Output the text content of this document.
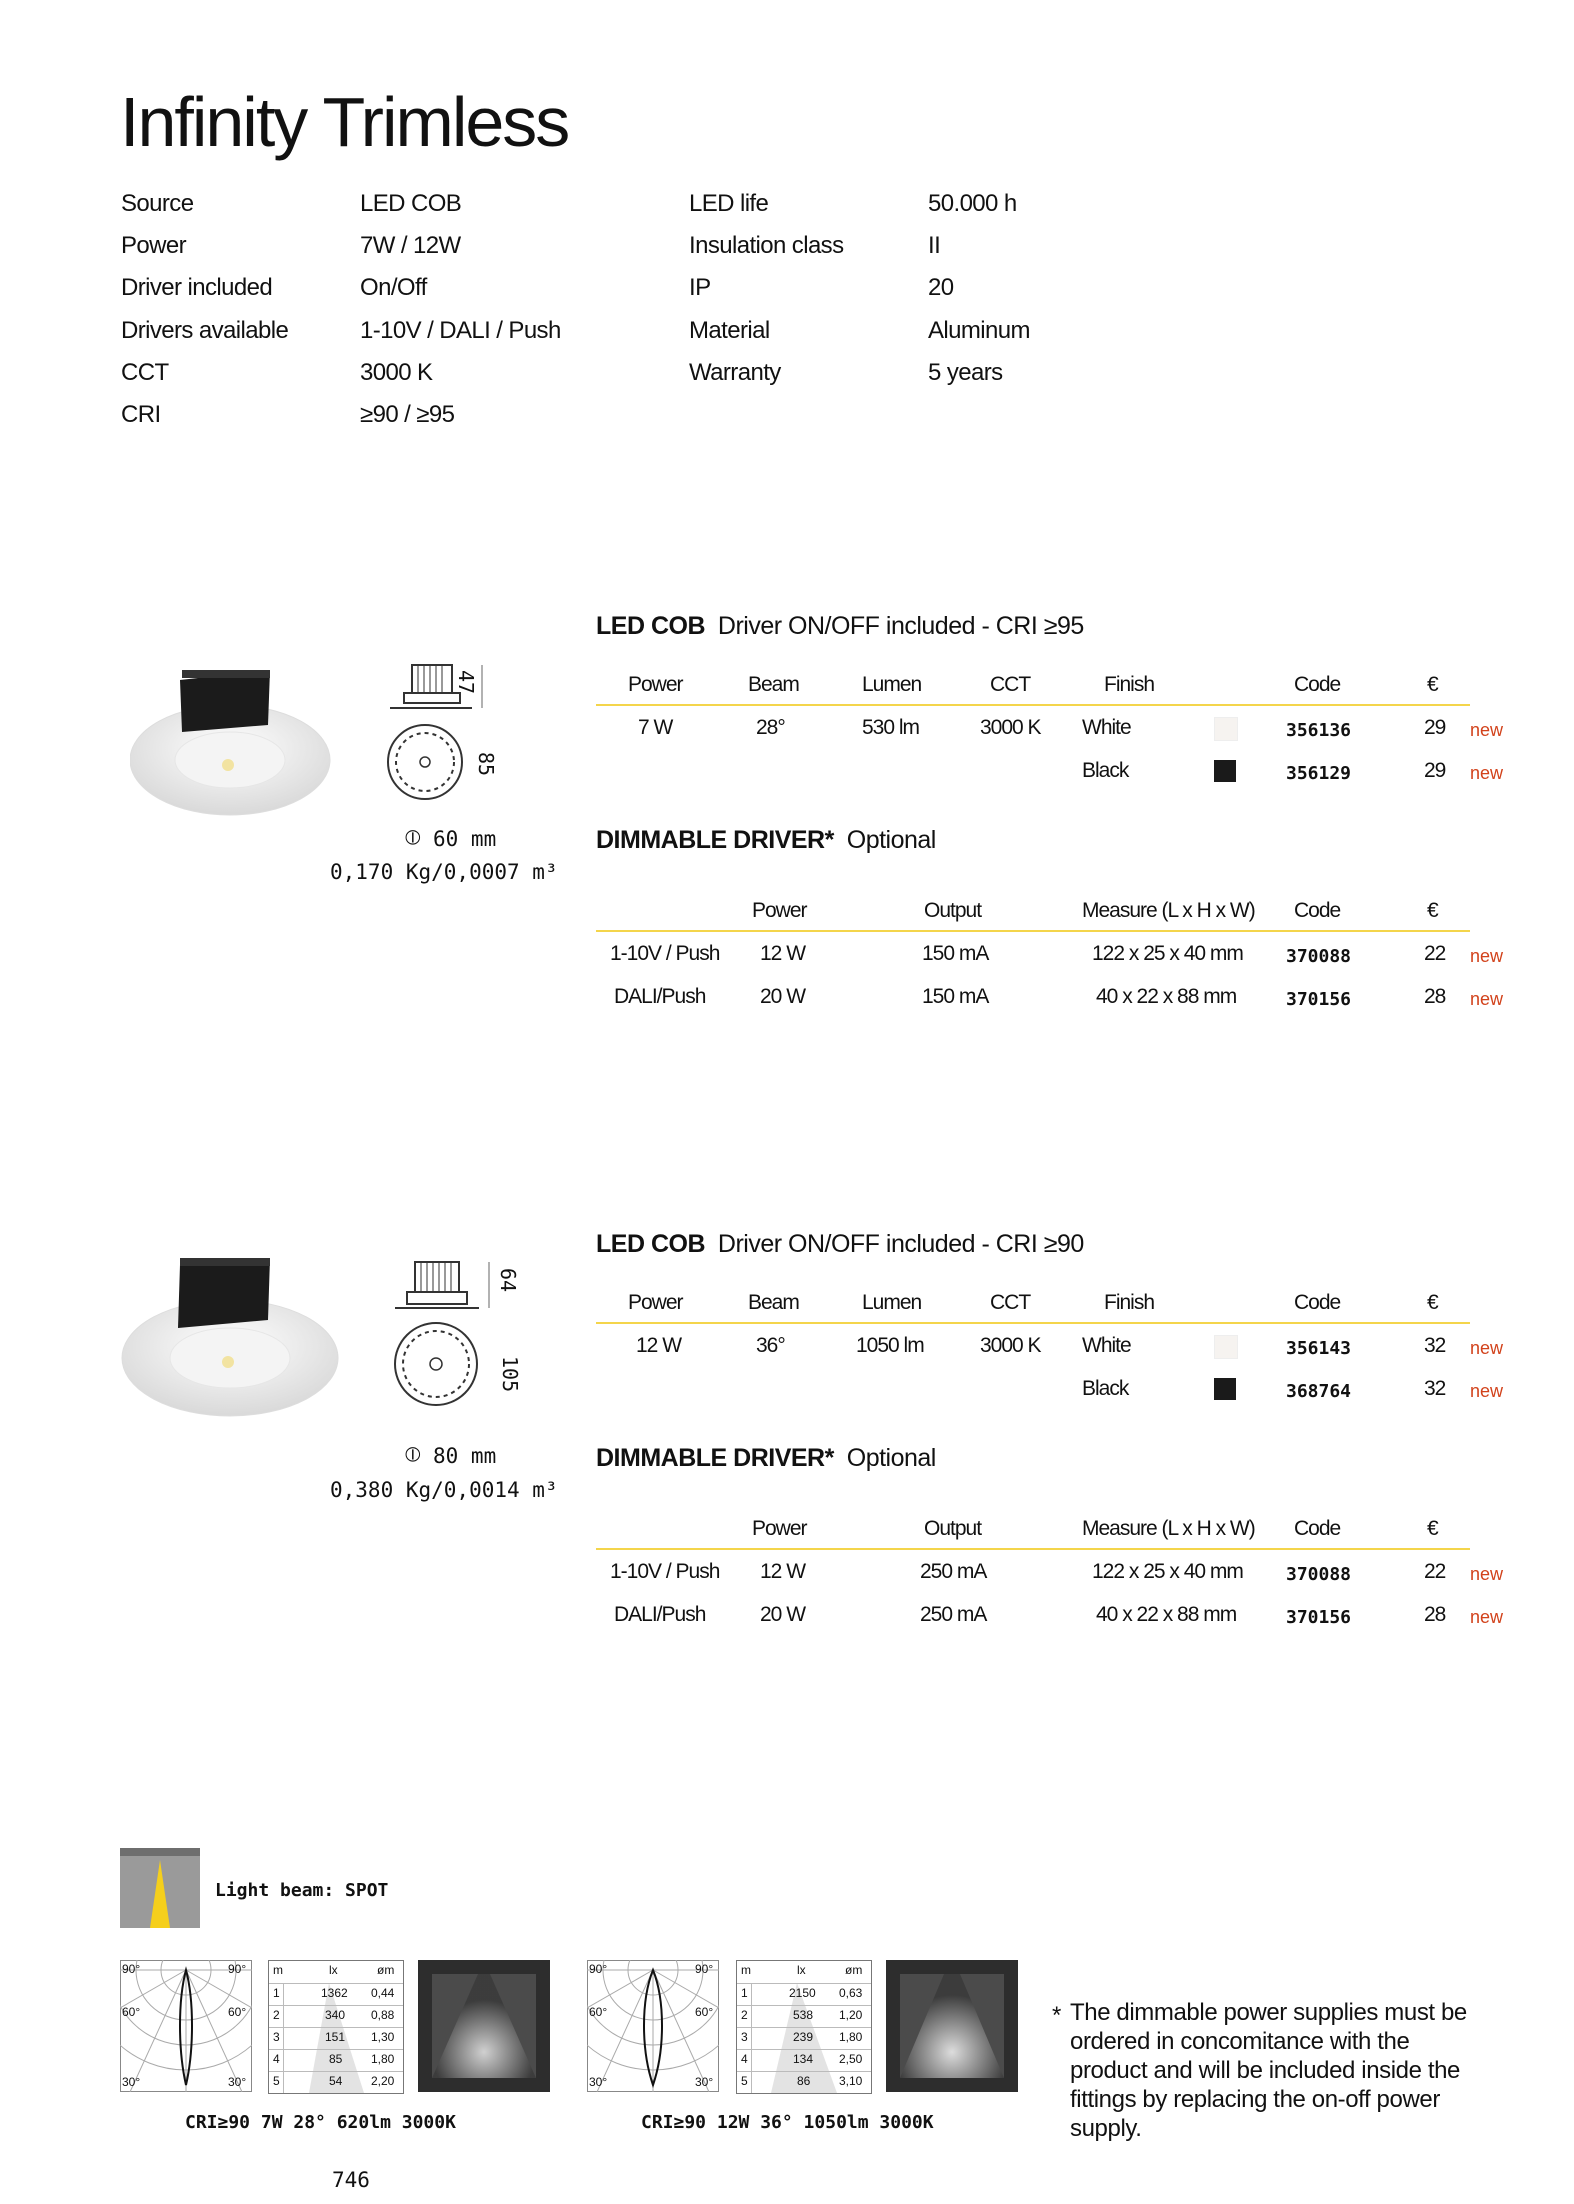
Infinity Trimless
Source	LED COB
Power	7W / 12W
Driver included	On/Off
Drivers available	1-10V / DALI / Push
CCT	3000 K
CRI	≥90 / ≥95
LED life	50.000 h
Insulation class	II
IP	20
Material	Aluminum
Warranty	5 years
47
85
⦶ 60 mm
0,170 Kg/0,0007 m³
LED COB Driver ON/OFF included - CRI ≥95
Power	Beam	Lumen	CCT	Finish	Code	€
7 W	28°	530 lm	3000 K White	356136	29 new
Black	356129	29 new
DIMMABLE DRIVER* Optional
Power	Output	Measure (L x H x W) Code	€
1-10V / Push 12 W	150 mA	122 x 25 x 40 mm 370088	22 new
DALI/Push	20 W	150 mA	40 x 22 x 88 mm	370156	28 new
64
105
⦶ 80 mm
0,380 Kg/0,0014 m³
LED COB Driver ON/OFF included - CRI ≥90
Power	Beam	Lumen	CCT	Finish	Code	€
12 W	36°	1050 lm	3000 K White	356143	32 new
Black	368764	32 new
DIMMABLE DRIVER* Optional
Power	Output	Measure (L x H x W) Code	€
1-10V / Push 12 W	250 mA	122 x 25 x 40 mm 370088	22 new
DALI/Push	20 W	250 mA	40 x 22 x 88 mm	370156	28 new
Light beam: SPOT
90°	90°
60°	60°
30°	30°
m	lx	øm
1	1362 0,44
2	340 0,88
3	151 1,30
4	85 1,80
5	54 2,20
CRI≥90 7W 28° 620lm 3000K
90°	90°
60°	60°
30°	30°
m	lx	øm
1	2150 0,63
2	538 1,20
3	239 1,80
4	134 2,50
5	86 3,10
CRI≥90 12W 36° 1050lm 3000K
* The dimmable power supplies must be ordered in concomitance with the product and will be included inside the fittings by replacing the on-off power supply.
746
